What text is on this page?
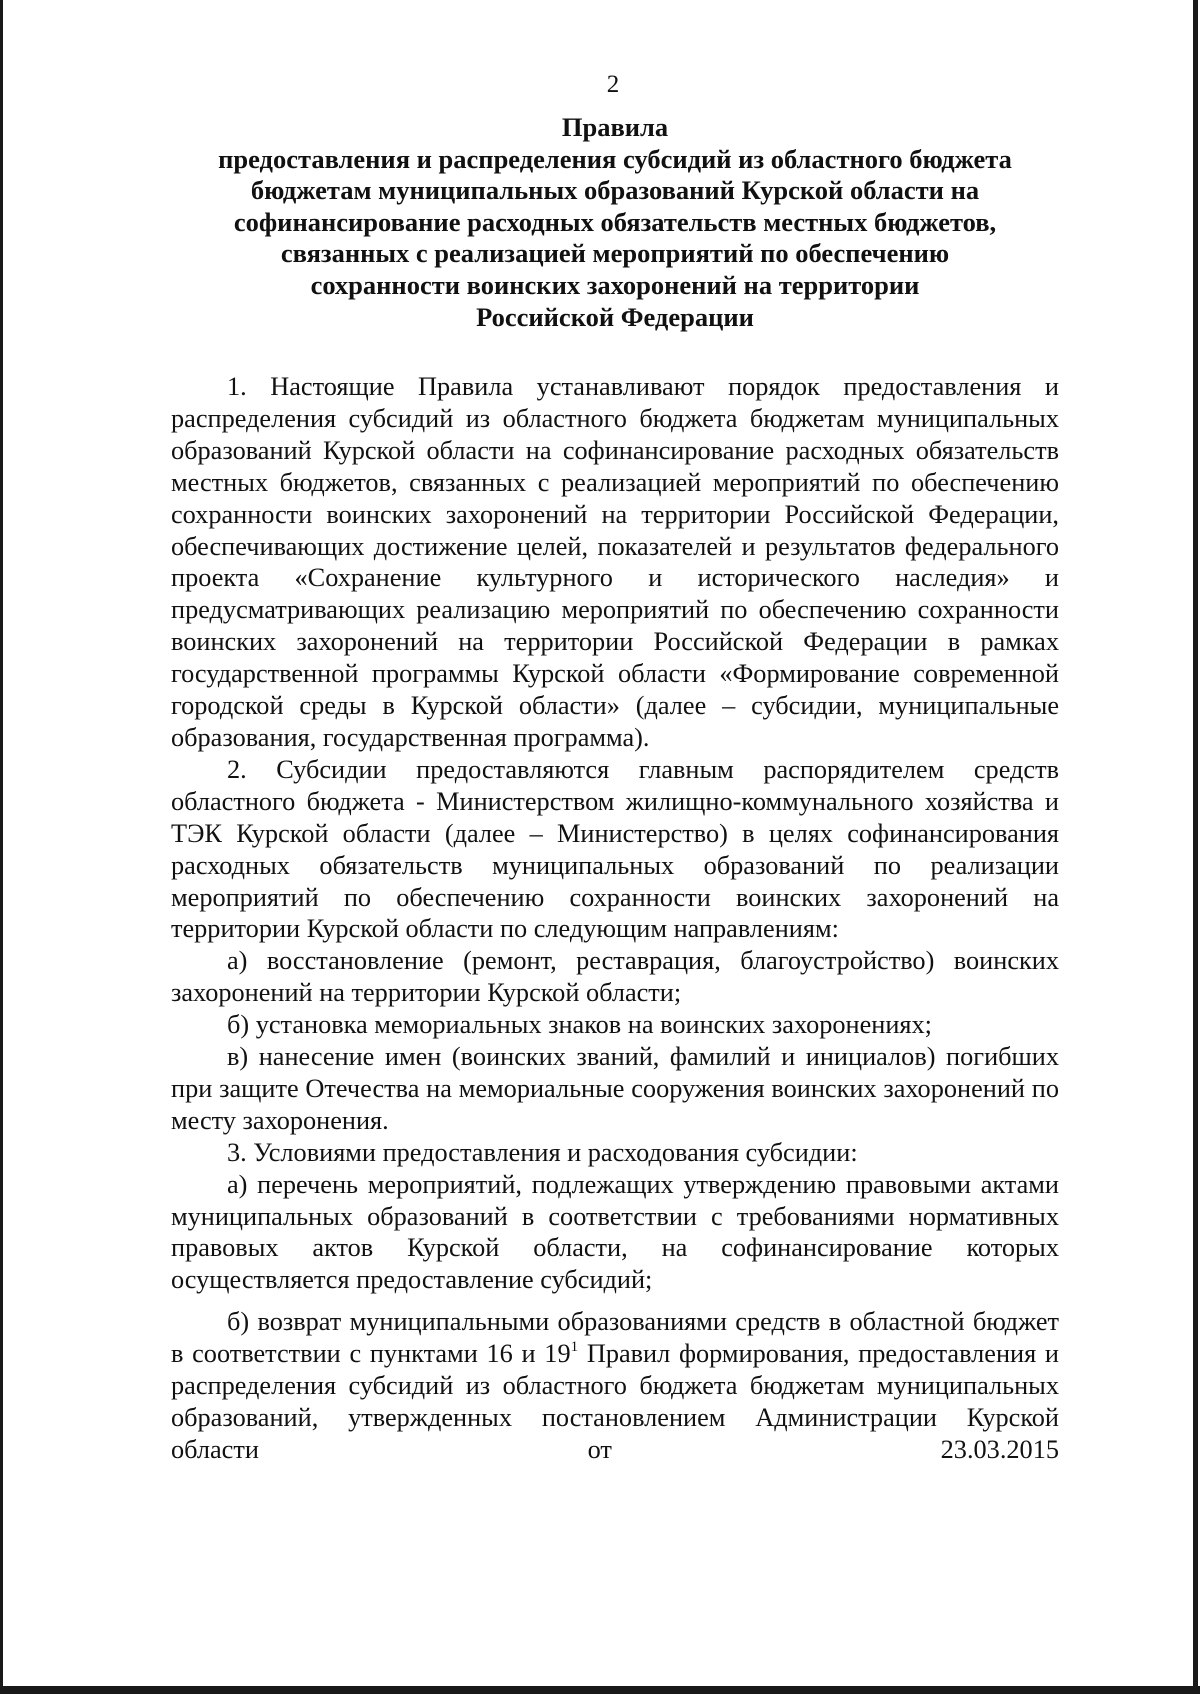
2
Правила
предоставления и распределения субсидий из областного бюджета
бюджетам муниципальных образований Курской области на
софинансирование расходных обязательств местных бюджетов,
связанных с реализацией мероприятий по обеспечению
сохранности воинских захоронений на территории
Российской Федерации

1. Настоящие Правила устанавливают порядок предоставления и распределения субсидий из областного бюджета бюджетам муниципальных образований Курской области на софинансирование расходных обязательств местных бюджетов, связанных с реализацией мероприятий по обеспечению сохранности воинских захоронений на территории Российской Федерации, обеспечивающих достижение целей, показателей и результатов федерального проекта «Сохранение культурного и исторического наследия» и предусматривающих реализацию мероприятий по обеспечению сохранности воинских захоронений на территории Российской Федерации в рамках государственной программы Курской области «Формирование современной городской среды в Курской области» (далее – субсидии, муниципальные образования, государственная программа).

2. Субсидии предоставляются главным распорядителем средств областного бюджета - Министерством жилищно-коммунального хозяйства и ТЭК Курской области (далее – Министерство) в целях софинансирования расходных обязательств муниципальных образований по реализации мероприятий по обеспечению сохранности воинских захоронений на территории Курской области по следующим направлениям:

а) восстановление (ремонт, реставрация, благоустройство) воинских захоронений на территории Курской области;

б) установка мемориальных знаков на воинских захоронениях;

в) нанесение имен (воинских званий, фамилий и инициалов) погибших при защите Отечества на мемориальные сооружения воинских захоронений по месту захоронения.

3. Условиями предоставления и расходования субсидии:

а) перечень мероприятий, подлежащих утверждению правовыми актами муниципальных образований в соответствии с требованиями нормативных правовых актов Курской области, на софинансирование которых осуществляется предоставление субсидий;

б) возврат муниципальными образованиями средств в областной бюджет в соответствии с пунктами 16 и $19^1$ Правил формирования, предоставления и распределения субсидий из областного бюджета бюджетам муниципальных образований, утвержденных постановлением Администрации Курской области от 23.03.2015
